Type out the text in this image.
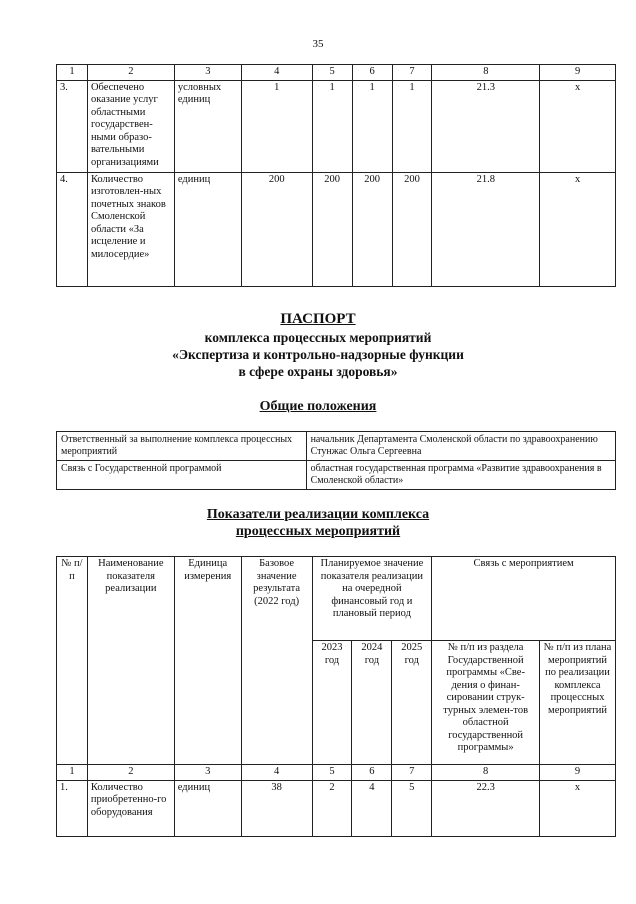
35
1	2	3	4	5	6	7	8	9
3.	Обеспечено оказание услуг областными государствен-ными образо-вательными организациями	условных единиц	1	1	1	1	21.3	х
4.	Количество изготовлен-ных почетных знаков Смоленской области «За исцеление и милосердие»	единиц	200	200	200	200	21.8	х
ПАСПОРТ
комплекса процессных мероприятий
«Экспертиза и контрольно-надзорные функции
в сфере охраны здоровья»
Общие положения
Ответственный за выполнение комплекса процессных мероприятий	начальник Департамента Смоленской области по здравоохранению Стунжас Ольга Сергеевна
Связь с Государственной программой	областная государственная программа «Развитие здравоохранения в Смоленской области»
Показатели реализации комплекса
процессных мероприятий
№ п/п	Наименование показателя реализации	Единица измерения	Базовое значение результата (2022 год)	Планируемое значение показателя реализации на очередной финансовый год и плановый период			Связь с мероприятием	
				2023 год	2024 год	2025 год	№ п/п из раздела Государственной программы «Све-дения о финан-сировании струк-турных элемен-тов областной государственной программы»	№ п/п из плана мероприятий по реализации комплекса процессных мероприятий
1	2	3	4	5	6	7	8	9
1.	Количество приобретенно-го оборудования	единиц	38	2	4	5	22.3	х
